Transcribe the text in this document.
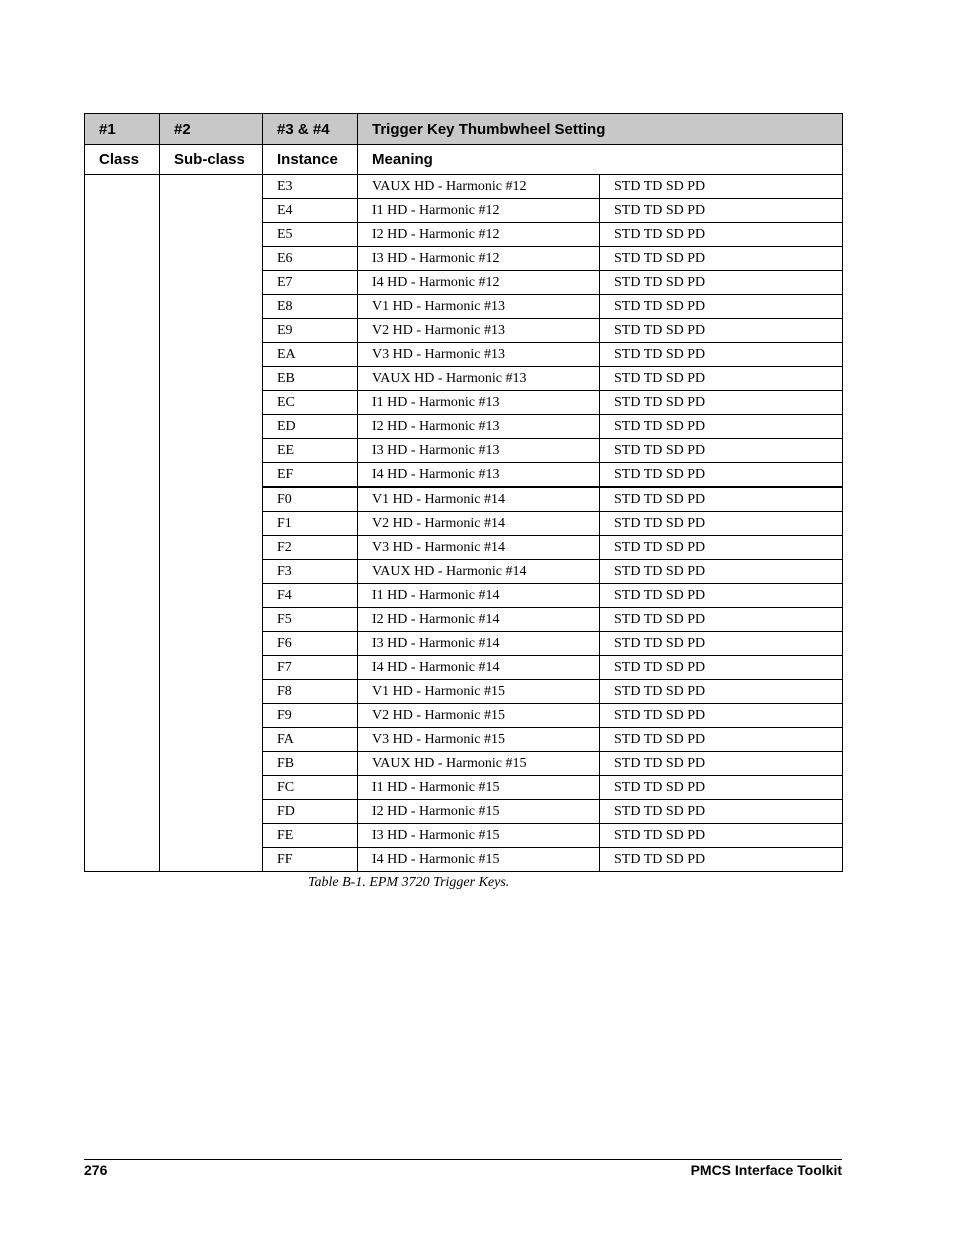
#1	#2	#3 & #4	Trigger Key Thumbwheel Setting	
Class	Sub-class	Instance	Meaning	
		E3	VAUX HD - Harmonic #12	STD TD SD PD
		E4	I1 HD - Harmonic #12	STD TD SD PD
		E5	I2 HD - Harmonic #12	STD TD SD PD
		E6	I3 HD - Harmonic #12	STD TD SD PD
		E7	I4 HD - Harmonic #12	STD TD SD PD
		E8	V1 HD - Harmonic #13	STD TD SD PD
		E9	V2 HD - Harmonic #13	STD TD SD PD
		EA	V3 HD - Harmonic #13	STD TD SD PD
		EB	VAUX HD - Harmonic #13	STD TD SD PD
		EC	I1 HD - Harmonic #13	STD TD SD PD
		ED	I2 HD - Harmonic #13	STD TD SD PD
		EE	I3 HD - Harmonic #13	STD TD SD PD
		EF	I4 HD - Harmonic #13	STD TD SD PD
		F0	V1 HD - Harmonic #14	STD TD SD PD
		F1	V2 HD - Harmonic #14	STD TD SD PD
		F2	V3 HD - Harmonic #14	STD TD SD PD
		F3	VAUX HD - Harmonic #14	STD TD SD PD
		F4	I1 HD - Harmonic #14	STD TD SD PD
		F5	I2 HD - Harmonic #14	STD TD SD PD
		F6	I3 HD - Harmonic #14	STD TD SD PD
		F7	I4 HD - Harmonic #14	STD TD SD PD
		F8	V1 HD - Harmonic #15	STD TD SD PD
		F9	V2 HD - Harmonic #15	STD TD SD PD
		FA	V3 HD - Harmonic #15	STD TD SD PD
		FB	VAUX HD - Harmonic #15	STD TD SD PD
		FC	I1 HD - Harmonic #15	STD TD SD PD
		FD	I2 HD - Harmonic #15	STD TD SD PD
		FE	I3 HD - Harmonic #15	STD TD SD PD
		FF	I4 HD - Harmonic #15	STD TD SD PD
Table B-1. EPM 3720 Trigger Keys.
276	PMCS Interface Toolkit
